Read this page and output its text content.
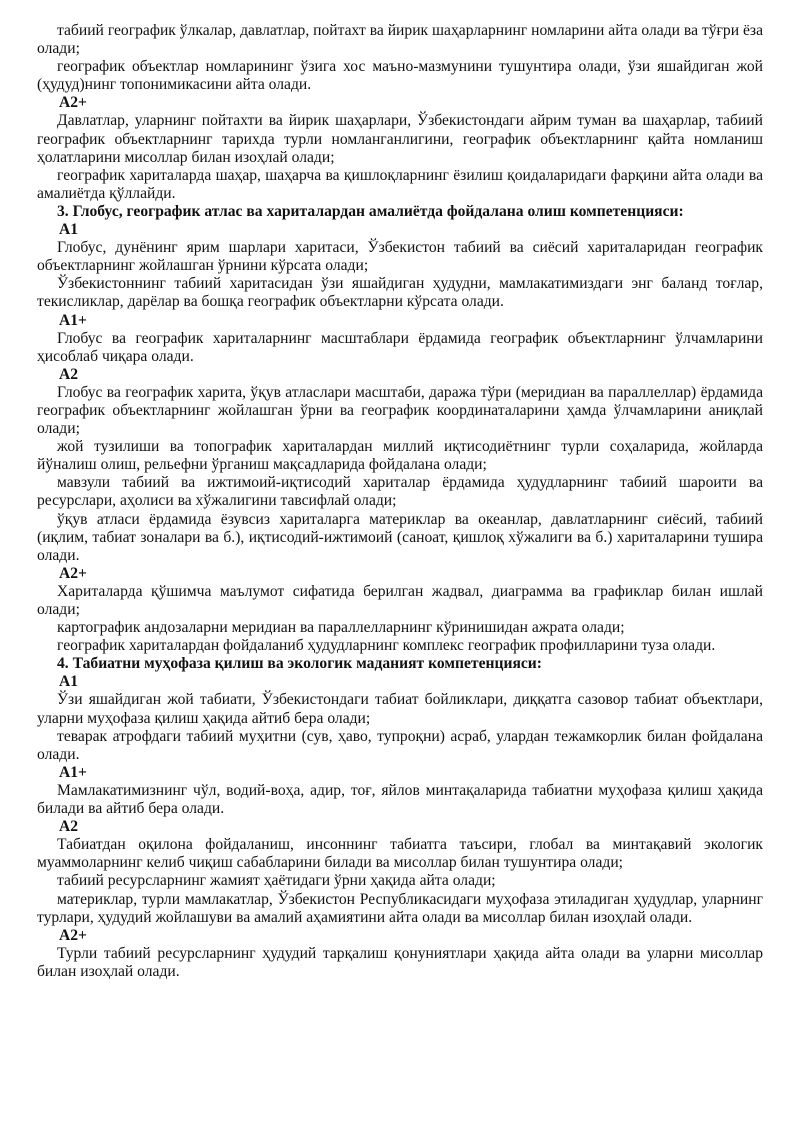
табиий географик ўлкалар, давлатлар, пойтахт ва йирик шаҳарларнинг номларини айта олади ва тўғри ёза олади;

географик объектлар номларининг ўзига хос маъно-мазмунини тушунтира олади, ўзи яшайдиган жой (ҳудуд)нинг топонимикасини айта олади.

A2+

Давлатлар, уларнинг пойтахти ва йирик шаҳарлари, Ўзбекистондаги айрим туман ва шаҳарлар, табиий географик объектларнинг тарихда турли номланганлигини, географик объектларнинг қайта номланиш ҳолатларини мисоллар билан изоҳлай олади;

географик хариталарда шаҳар, шаҳарча ва қишлоқларнинг ёзилиш қоидаларидаги фарқини айта олади ва амалиётда қўллайди.

3. Глобус, географик атлас ва хариталардан амалиётда фойдалана олиш компетенцияси:

A1

Глобус, дунёнинг ярим шарлари харитаси, Ўзбекистон табиий ва сиёсий хариталаридан географик объектларнинг жойлашган ўрнини кўрсата олади;

Ўзбекистоннинг табиий харитасидан ўзи яшайдиган ҳудудни, мамлакатимиздаги энг баланд тоғлар, текисликлар, дарёлар ва бошқа географик объектларни кўрсата олади.

A1+

Глобус ва географик хариталарнинг масштаблари ёрдамида географик объектларнинг ўлчамларини ҳисоблаб чиқара олади.

A2

Глобус ва географик харита, ўқув атласлари масштаби, даража тўри (меридиан ва параллеллар) ёрдамида географик объектларнинг жойлашган ўрни ва географик координаталарини ҳамда ўлчамларини аниқлай олади;

жой тузилиши ва топографик хариталардан миллий иқтисодиётнинг турли соҳаларида, жойларда йўналиш олиш, рельефни ўрганиш мақсадларида фойдалана олади;

мавзули табиий ва ижтимоий-иқтисодий хариталар ёрдамида ҳудудларнинг табиий шароити ва ресурслари, аҳолиси ва хўжалигини тавсифлай олади;

ўқув атласи ёрдамида ёзувсиз хариталарга материклар ва океанлар, давлатларнинг сиёсий, табиий (иқлим, табиат зоналари ва б.), иқтисодий-ижтимоий (саноат, қишлоқ хўжалиги ва б.) хариталарини тушира олади.

A2+

Хариталарда қўшимча маълумот сифатида берилган жадвал, диаграмма ва графиклар билан ишлай олади;

картографик андозаларни меридиан ва параллелларнинг кўринишидан ажрата олади;

географик хариталардан фойдаланиб ҳудудларнинг комплекс географик профилларини туза олади.

4. Табиатни муҳофаза қилиш ва экологик маданият компетенцияси:

A1

Ўзи яшайдиган жой табиати, Ўзбекистондаги табиат бойликлари, диққатга сазовор табиат объектлари, уларни муҳофаза қилиш ҳақида айтиб бера олади;

теварак атрофдаги табиий муҳитни (сув, ҳаво, тупроқни) асраб, улардан тежамкорлик билан фойдалана олади.

A1+

Мамлакатимизнинг чўл, водий-воҳа, адир, тоғ, яйлов минтақаларида табиатни муҳофаза қилиш ҳақида билади ва айтиб бера олади.

A2

Табиатдан оқилона фойдаланиш, инсоннинг табиатга таъсири, глобал ва минтақавий экологик муаммоларнинг келиб чиқиш сабабларини билади ва мисоллар билан тушунтира олади;

табиий ресурсларнинг жамият ҳаётидаги ўрни ҳақида айта олади;

материклар, турли мамлакатлар, Ўзбекистон Республикасидаги муҳофаза этиладиган ҳудудлар, уларнинг турлари, ҳудудий жойлашуви ва амалий аҳамиятини айта олади ва мисоллар билан изоҳлай олади.

A2+

Турли табиий ресурсларнинг ҳудудий тарқалиш қонуниятлари ҳақида айта олади ва уларни мисоллар билан изоҳлай олади.
